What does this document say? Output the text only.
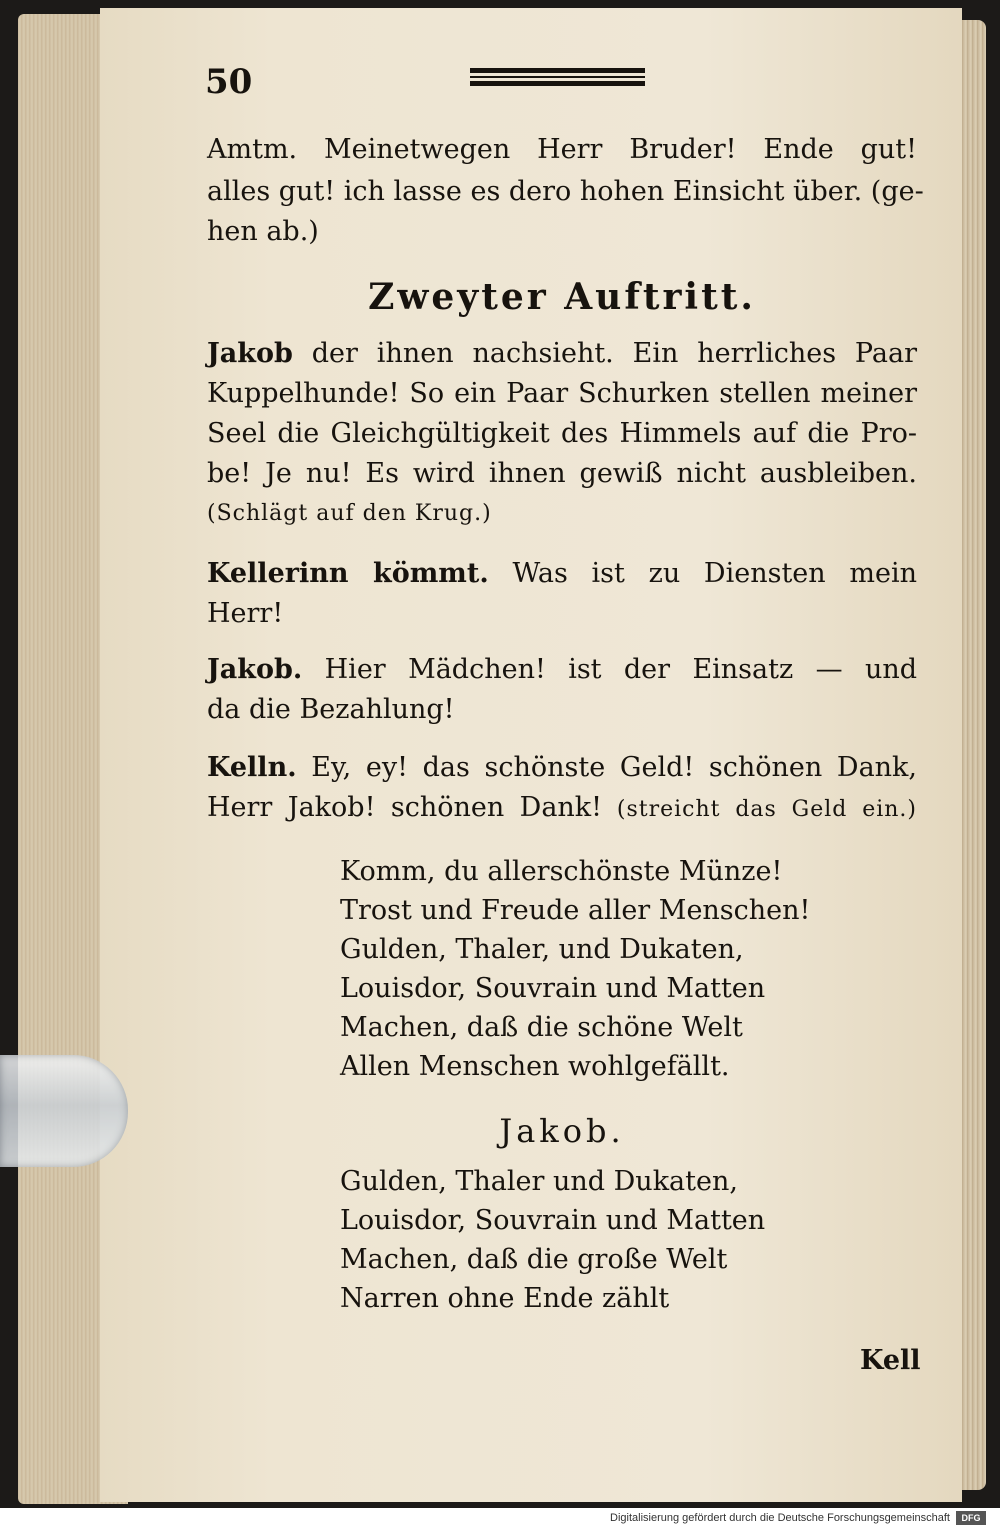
50
Amtm. Meinetwegen Herr Bruder! Ende gut!
alles gut! ich lasse es dero hohen Einsicht über. (ge-
hen ab.)
Zweyter Auftritt.
Jakob der ihnen nachsieht. Ein herrliches Paar
Kuppelhunde! So ein Paar Schurken stellen meiner
Seel die Gleichgültigkeit des Himmels auf die Pro-
be! Je nu! Es wird ihnen gewiß nicht ausbleiben.
(Schlägt auf den Krug.)
Kellerinn kömmt. Was ist zu Diensten mein
Herr!
Jakob. Hier Mädchen! ist der Einsatz — und
da die Bezahlung!
Kelln. Ey, ey! das schönste Geld! schönen Dank,
Herr Jakob! schönen Dank! (streicht das Geld ein.)
Komm, du allerschönste Münze!
Trost und Freude aller Menschen!
Gulden, Thaler, und Dukaten,
Louisdor, Souvrain und Matten
Machen, daß die schöne Welt
Allen Menschen wohlgefällt.
Jakob.
Gulden, Thaler und Dukaten,
Louisdor, Souvrain und Matten
Machen, daß die große Welt
Narren ohne Ende zählt
Kell
Digitalisierung gefördert durch die Deutsche Forschungsgemeinschaft	DFG
